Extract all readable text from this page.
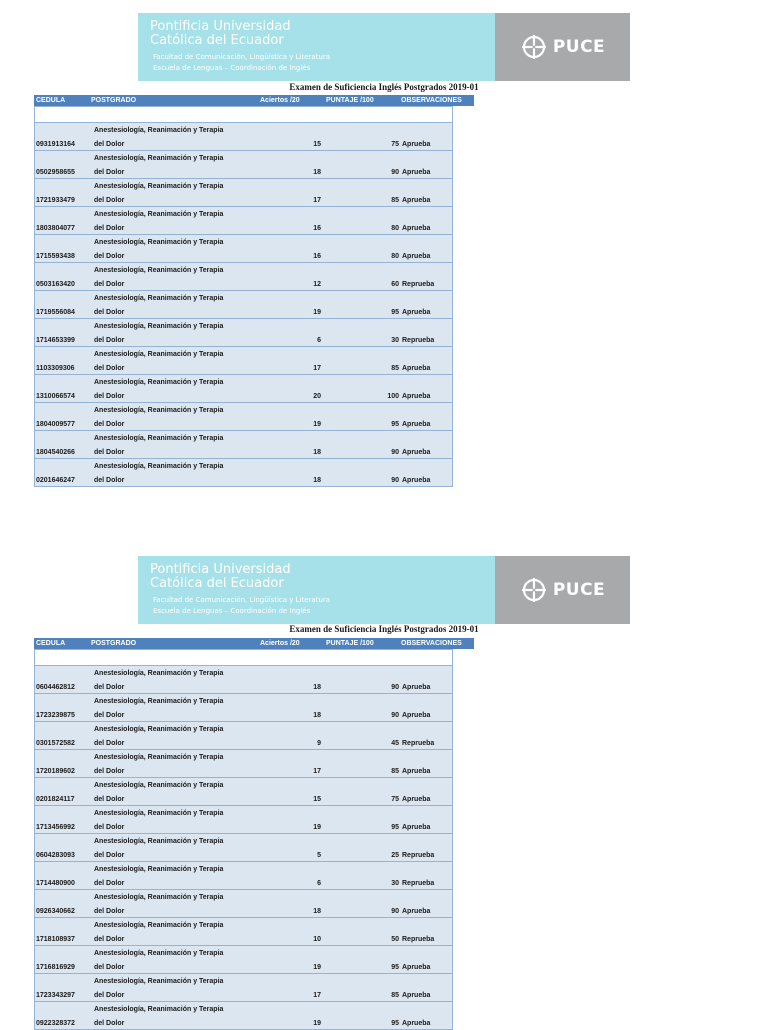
Pontificia Universidad
Católica del Ecuador
Facultad de Comunicación, Lingüística y Literatura
Escuela de Lenguas – Coordinación de Inglés
PUCE
Examen de Suficiencia Inglés Postgrados 2019-01
CEDULA	POSTGRADO	Aciertos /20	PUNTAJE /100	OBSERVACIONES
0931913164
Anestesiología, Reanimación y Terapia
del Dolor	15	75 Aprueba
0502958655
Anestesiología, Reanimación y Terapia
del Dolor	18	90 Aprueba
1721933479
Anestesiología, Reanimación y Terapia
del Dolor	17	85 Aprueba
1803804077
Anestesiología, Reanimación y Terapia
del Dolor	16	80 Aprueba
1715593438
Anestesiología, Reanimación y Terapia
del Dolor	16	80 Aprueba
0503163420
Anestesiología, Reanimación y Terapia
del Dolor	12	60 Reprueba
1719556084
Anestesiología, Reanimación y Terapia
del Dolor	19	95 Aprueba
1714653399
Anestesiología, Reanimación y Terapia
del Dolor	6	30 Reprueba
1103309306
Anestesiología, Reanimación y Terapia
del Dolor	17	85 Aprueba
1310066574
Anestesiología, Reanimación y Terapia
del Dolor	20	100 Aprueba
1804009577
Anestesiología, Reanimación y Terapia
del Dolor	19	95 Aprueba
1804540266
Anestesiología, Reanimación y Terapia
del Dolor	18	90 Aprueba
0201646247
Anestesiología, Reanimación y Terapia
del Dolor	18	90 Aprueba
Pontificia Universidad
Católica del Ecuador
Facultad de Comunicación, Lingüística y Literatura
Escuela de Lenguas – Coordinación de Inglés
PUCE
Examen de Suficiencia Inglés Postgrados 2019-01
CEDULA	POSTGRADO	Aciertos /20	PUNTAJE /100	OBSERVACIONES
0604462812
Anestesiología, Reanimación y Terapia
del Dolor	18	90 Aprueba
1723239875
Anestesiología, Reanimación y Terapia
del Dolor	18	90 Aprueba
0301572582
Anestesiología, Reanimación y Terapia
del Dolor	9	45 Reprueba
1720189602
Anestesiología, Reanimación y Terapia
del Dolor	17	85 Aprueba
0201824117
Anestesiología, Reanimación y Terapia
del Dolor	15	75 Aprueba
1713456992
Anestesiología, Reanimación y Terapia
del Dolor	19	95 Aprueba
0604283093
Anestesiología, Reanimación y Terapia
del Dolor	5	25 Reprueba
1714480900
Anestesiología, Reanimación y Terapia
del Dolor	6	30 Reprueba
0926340662
Anestesiología, Reanimación y Terapia
del Dolor	18	90 Aprueba
1718108937
Anestesiología, Reanimación y Terapia
del Dolor	10	50 Reprueba
1716816929
Anestesiología, Reanimación y Terapia
del Dolor	19	95 Aprueba
1723343297
Anestesiología, Reanimación y Terapia
del Dolor	17	85 Aprueba
0922328372
Anestesiología, Reanimación y Terapia
del Dolor	19	95 Aprueba
